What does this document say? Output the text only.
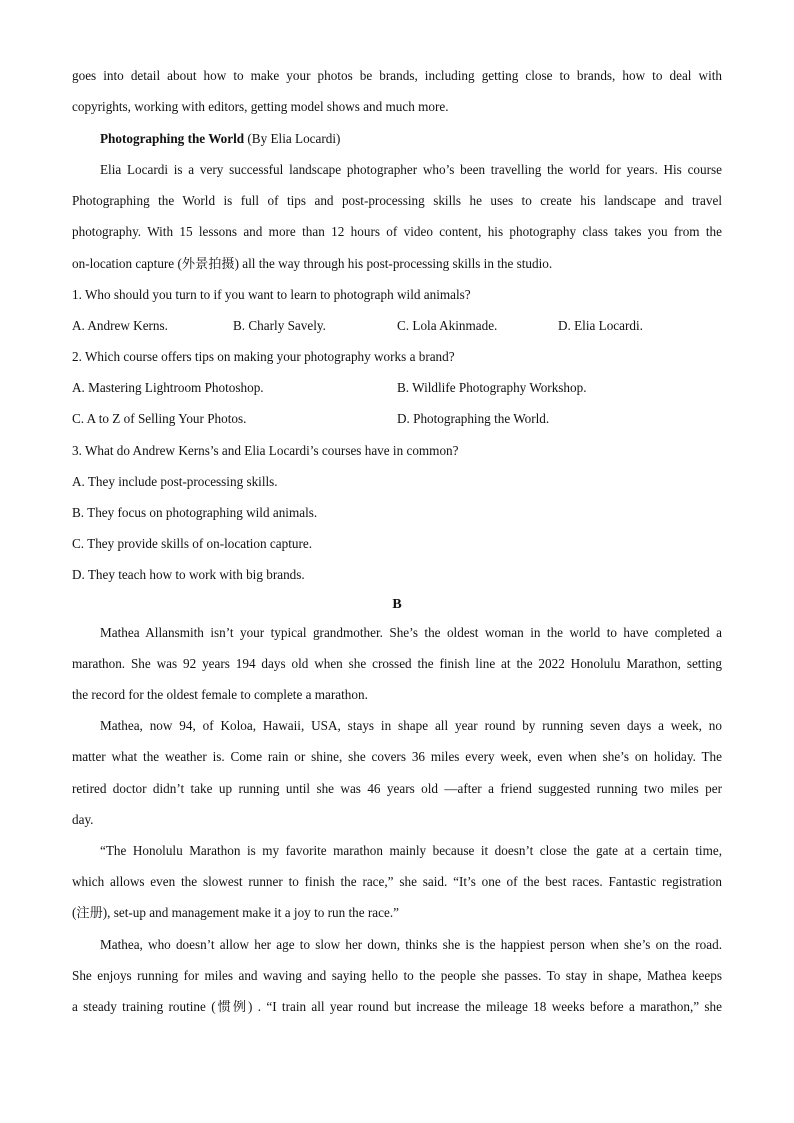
goes into detail about how to make your photos be brands, including getting close to brands, how to deal with
copyrights, working with editors, getting model shows and much more.
Photographing the World (By Elia Locardi)
Elia Locardi is a very successful landscape photographer who’s been travelling the world for years. His course
Photographing the World is full of tips and post-processing skills he uses to create his landscape and travel
photography. With 15 lessons and more than 12 hours of video content, his photography class takes you from the
on-location capture (外景拍摄) all the way through his post-processing skills in the studio.
1. Who should you turn to if you want to learn to photograph wild animals?
A. Andrew Kerns.	B. Charly Savely.	C. Lola Akinmade.	D. Elia Locardi.
2. Which course offers tips on making your photography works a brand?
A. Mastering Lightroom Photoshop.	B. Wildlife Photography Workshop.
C. A to Z of Selling Your Photos.	D. Photographing the World.
3. What do Andrew Kerns’s and Elia Locardi’s courses have in common?
A. They include post-processing skills.
B. They focus on photographing wild animals.
C. They provide skills of on-location capture.
D. They teach how to work with big brands.
B
Mathea Allansmith isn’t your typical grandmother. She’s the oldest woman in the world to have completed a
marathon. She was 92 years 194 days old when she crossed the finish line at the 2022 Honolulu Marathon, setting
the record for the oldest female to complete a marathon.
Mathea, now 94, of Koloa, Hawaii, USA, stays in shape all year round by running seven days a week, no
matter what the weather is. Come rain or shine, she covers 36 miles every week, even when she’s on holiday. The
retired doctor didn’t take up running until she was 46 years old —after a friend suggested running two miles per
day.
“The Honolulu Marathon is my favorite marathon mainly because it doesn’t close the gate at a certain time,
which allows even the slowest runner to finish the race,” she said. “It’s one of the best races. Fantastic registration
(注册), set-up and management make it a joy to run the race.”
Mathea, who doesn’t allow her age to slow her down, thinks she is the happiest person when she’s on the road.
She enjoys running for miles and waving and saying hello to the people she passes. To stay in shape, Mathea keeps
a steady training routine (惯例) . “I train all year round but increase the mileage 18 weeks before a marathon,” she
